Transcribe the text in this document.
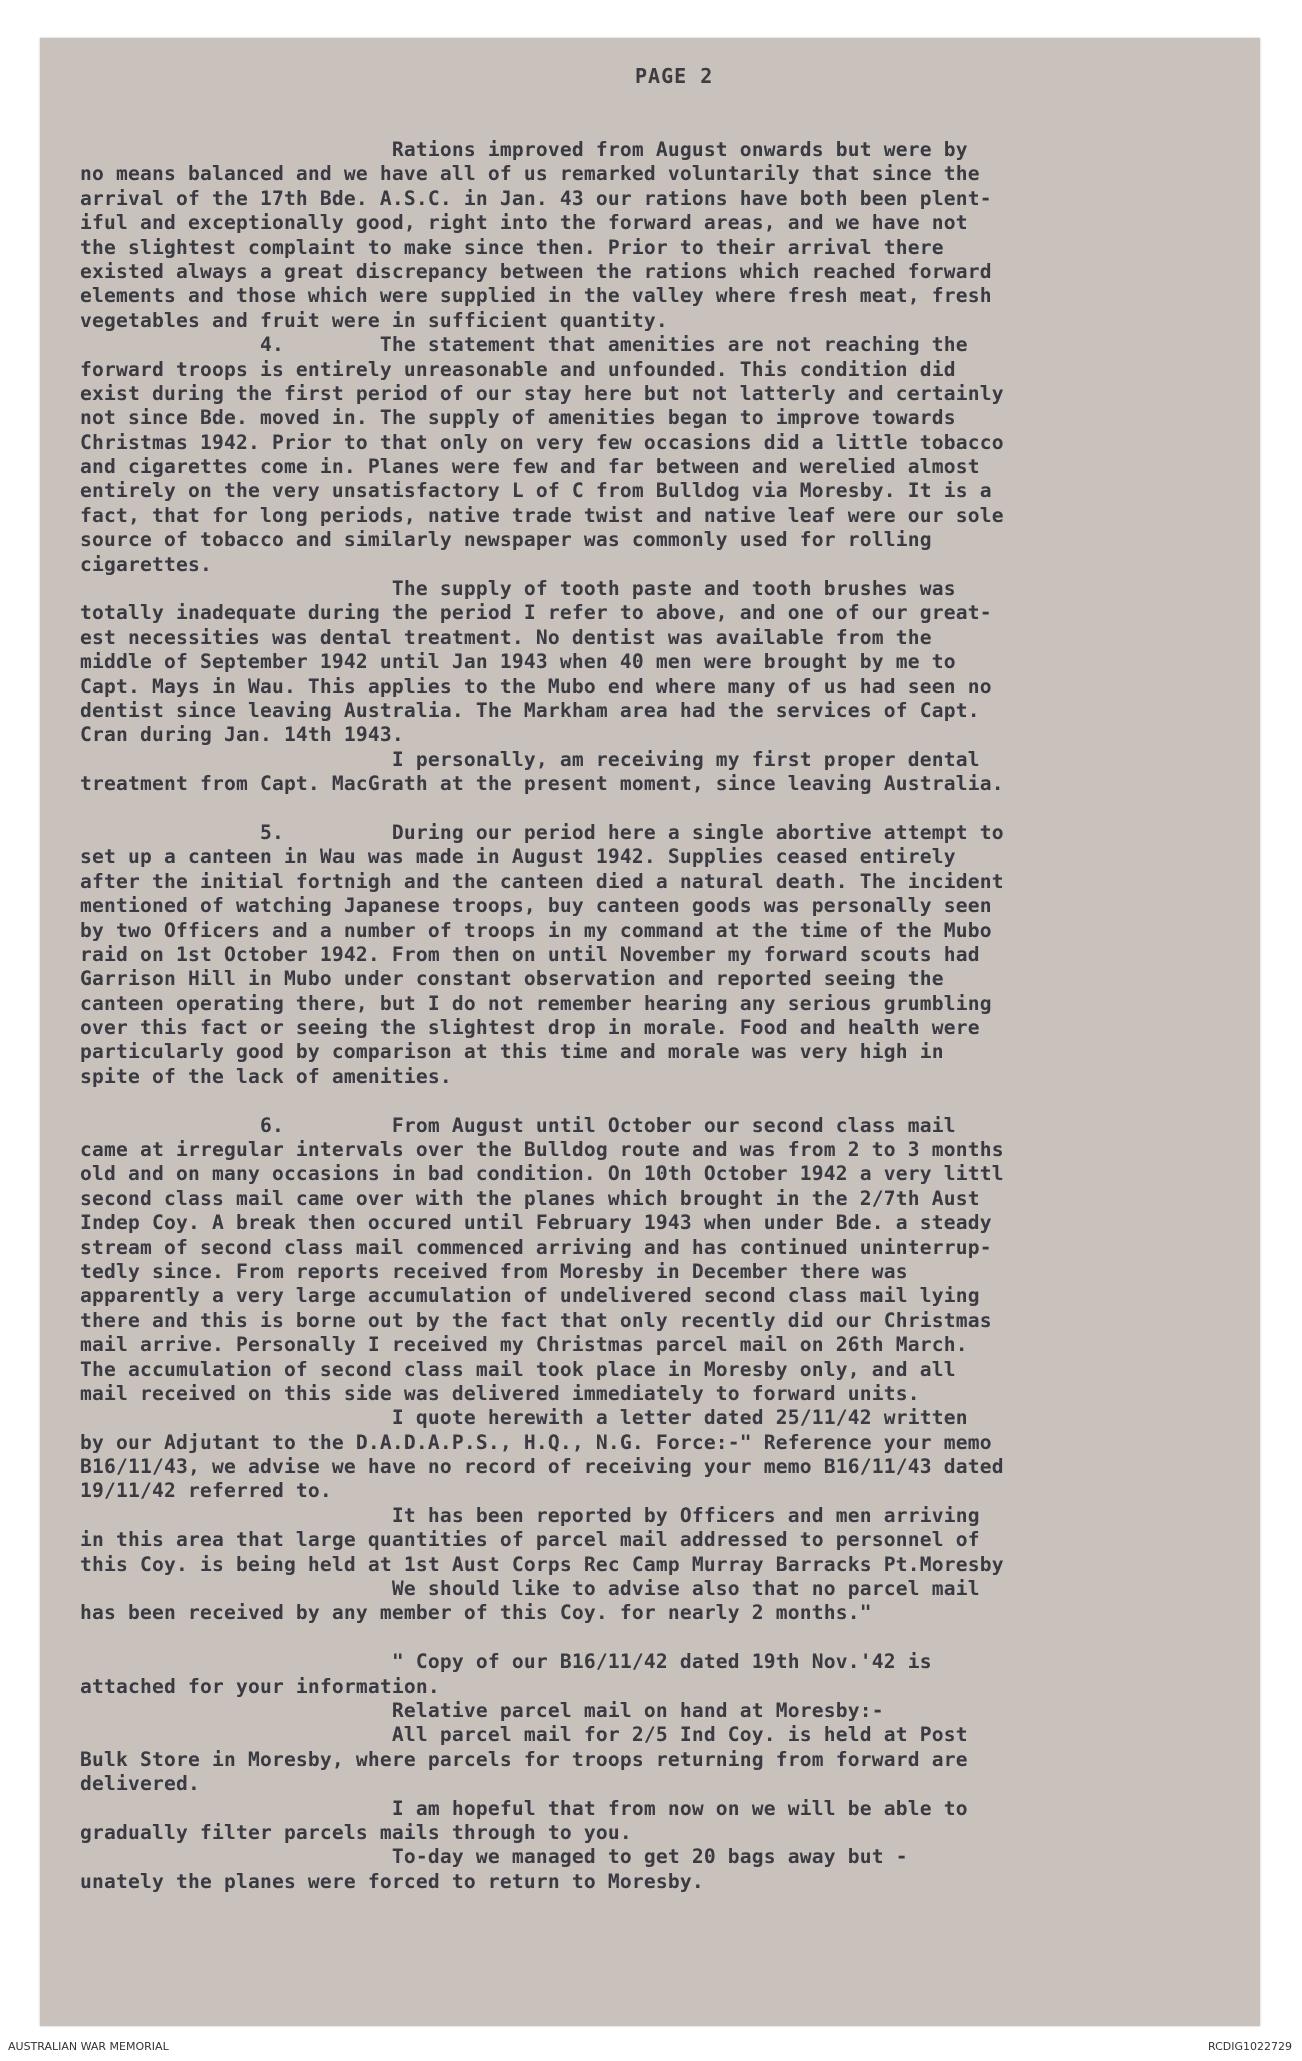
PAGE 2
Rations improved from August onwards but were by
no means balanced and we have all of us remarked voluntarily that since the
arrival of the 17th Bde. A.S.C. in Jan. 43 our rations have both been plent-
iful and exceptionally good, right into the forward areas, and we have not
the slightest complaint to make since then. Prior to their arrival there
existed always a great discrepancy between the rations which reached forward
elements and those which were supplied in the valley where fresh meat, fresh
vegetables and fruit were in sufficient quantity.
4.        The statement that amenities are not reaching the
forward troops is entirely unreasonable and unfounded. This condition did
exist during the first period of our stay here but not latterly and certainly
not since Bde. moved in. The supply of amenities began to improve towards
Christmas 1942. Prior to that only on very few occasions did a little tobacco
and cigarettes come in. Planes were few and far between and werelied almost
entirely on the very unsatisfactory L of C from Bulldog via Moresby. It is a
fact, that for long periods, native trade twist and native leaf were our sole
source of tobacco and similarly newspaper was commonly used for rolling
cigarettes.
The supply of tooth paste and tooth brushes was
totally inadequate during the period I refer to above, and one of our great-
est necessities was dental treatment. No dentist was available from the
middle of September 1942 until Jan 1943 when 40 men were brought by me to
Capt. Mays in Wau. This applies to the Mubo end where many of us had seen no
dentist since leaving Australia. The Markham area had the services of Capt.
Cran during Jan. 14th 1943.
I personally, am receiving my first proper dental
treatment from Capt. MacGrath at the present moment, since leaving Australia.
5.         During our period here a single abortive attempt to
set up a canteen in Wau was made in August 1942. Supplies ceased entirely
after the initial fortnigh and the canteen died a natural death. The incident
mentioned of watching Japanese troops, buy canteen goods was personally seen
by two Officers and a number of troops in my command at the time of the Mubo
raid on 1st October 1942. From then on until November my forward scouts had
Garrison Hill in Mubo under constant observation and reported seeing the
canteen operating there, but I do not remember hearing any serious grumbling
over this fact or seeing the slightest drop in morale. Food and health were
particularly good by comparison at this time and morale was very high in
spite of the lack of amenities.
6.         From August until October our second class mail
came at irregular intervals over the Bulldog route and was from 2 to 3 months
old and on many occasions in bad condition. On 10th October 1942 a very littl
second class mail came over with the planes which brought in the 2/7th Aust
Indep Coy. A break then occured until February 1943 when under Bde. a steady
stream of second class mail commenced arriving and has continued uninterrup-
tedly since. From reports received from Moresby in December there was
apparently a very large accumulation of undelivered second class mail lying
there and this is borne out by the fact that only recently did our Christmas
mail arrive. Personally I received my Christmas parcel mail on 26th March.
The accumulation of second class mail took place in Moresby only, and all
mail received on this side was delivered immediately to forward units.
I quote herewith a letter dated 25/11/42 written
by our Adjutant to the D.A.D.A.P.S., H.Q., N.G. Force:-" Reference your memo
B16/11/43, we advise we have no record of receiving your memo B16/11/43 dated
19/11/42 referred to.
It has been reported by Officers and men arriving
in this area that large quantities of parcel mail addressed to personnel of
this Coy. is being held at 1st Aust Corps Rec Camp Murray Barracks Pt.Moresby
We should like to advise also that no parcel mail
has been received by any member of this Coy. for nearly 2 months."
" Copy of our B16/11/42 dated 19th Nov.'42 is
attached for your information.
Relative parcel mail on hand at Moresby:-
All parcel mail for 2/5 Ind Coy. is held at Post
Bulk Store in Moresby, where parcels for troops returning from forward are
delivered.
I am hopeful that from now on we will be able to
gradually filter parcels mails through to you.
To-day we managed to get 20 bags away but -
unately the planes were forced to return to Moresby.
AUSTRALIAN WAR MEMORIAL	RCDIG1022729
